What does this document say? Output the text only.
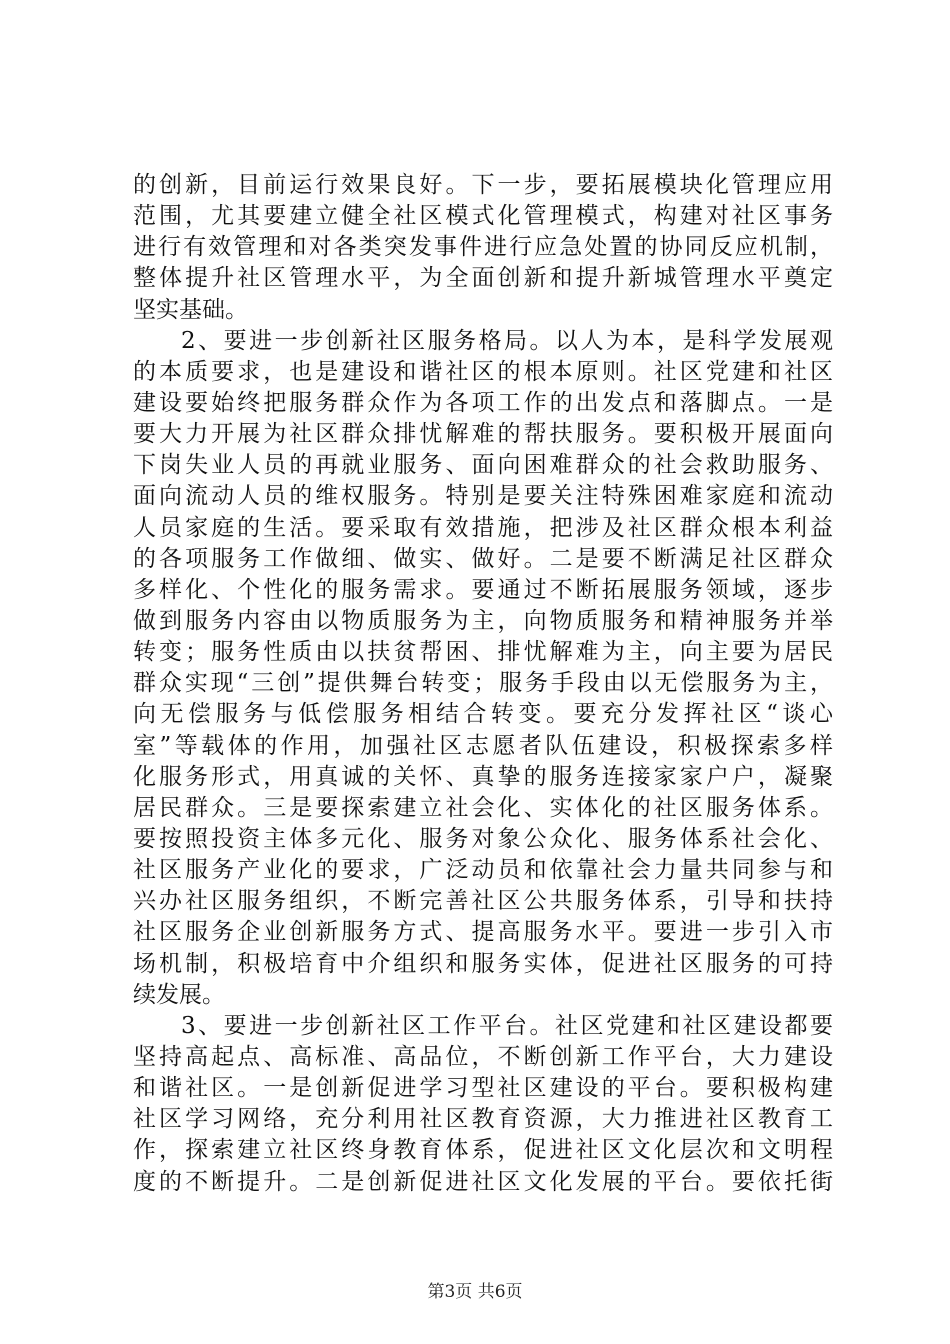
的创新，目前运行效果良好。下一步，要拓展模块化管理应用
范围，尤其要建立健全社区模式化管理模式，构建对社区事务
进行有效管理和对各类突发事件进行应急处置的协同反应机制，
整体提升社区管理水平，为全面创新和提升新城管理水平奠定
坚实基础。
2、要进一步创新社区服务格局。以人为本，是科学发展观
的本质要求，也是建设和谐社区的根本原则。社区党建和社区
建设要始终把服务群众作为各项工作的出发点和落脚点。一是
要大力开展为社区群众排忧解难的帮扶服务。要积极开展面向
下岗失业人员的再就业服务、面向困难群众的社会救助服务、
面向流动人员的维权服务。特别是要关注特殊困难家庭和流动
人员家庭的生活。要采取有效措施，把涉及社区群众根本利益
的各项服务工作做细、做实、做好。二是要不断满足社区群众
多样化、个性化的服务需求。要通过不断拓展服务领域，逐步
做到服务内容由以物质服务为主，向物质服务和精神服务并举
转变；服务性质由以扶贫帮困、排忧解难为主，向主要为居民
群众实现“三创”提供舞台转变；服务手段由以无偿服务为主，
向无偿服务与低偿服务相结合转变。要充分发挥社区“谈心
室”等载体的作用，加强社区志愿者队伍建设，积极探索多样
化服务形式，用真诚的关怀、真挚的服务连接家家户户，凝聚
居民群众。三是要探索建立社会化、实体化的社区服务体系。
要按照投资主体多元化、服务对象公众化、服务体系社会化、
社区服务产业化的要求，广泛动员和依靠社会力量共同参与和
兴办社区服务组织，不断完善社区公共服务体系，引导和扶持
社区服务企业创新服务方式、提高服务水平。要进一步引入市
场机制，积极培育中介组织和服务实体，促进社区服务的可持
续发展。
3、要进一步创新社区工作平台。社区党建和社区建设都要
坚持高起点、高标准、高品位，不断创新工作平台，大力建设
和谐社区。一是创新促进学习型社区建设的平台。要积极构建
社区学习网络，充分利用社区教育资源，大力推进社区教育工
作，探索建立社区终身教育体系，促进社区文化层次和文明程
度的不断提升。二是创新促进社区文化发展的平台。要依托街
第3页 共6页
